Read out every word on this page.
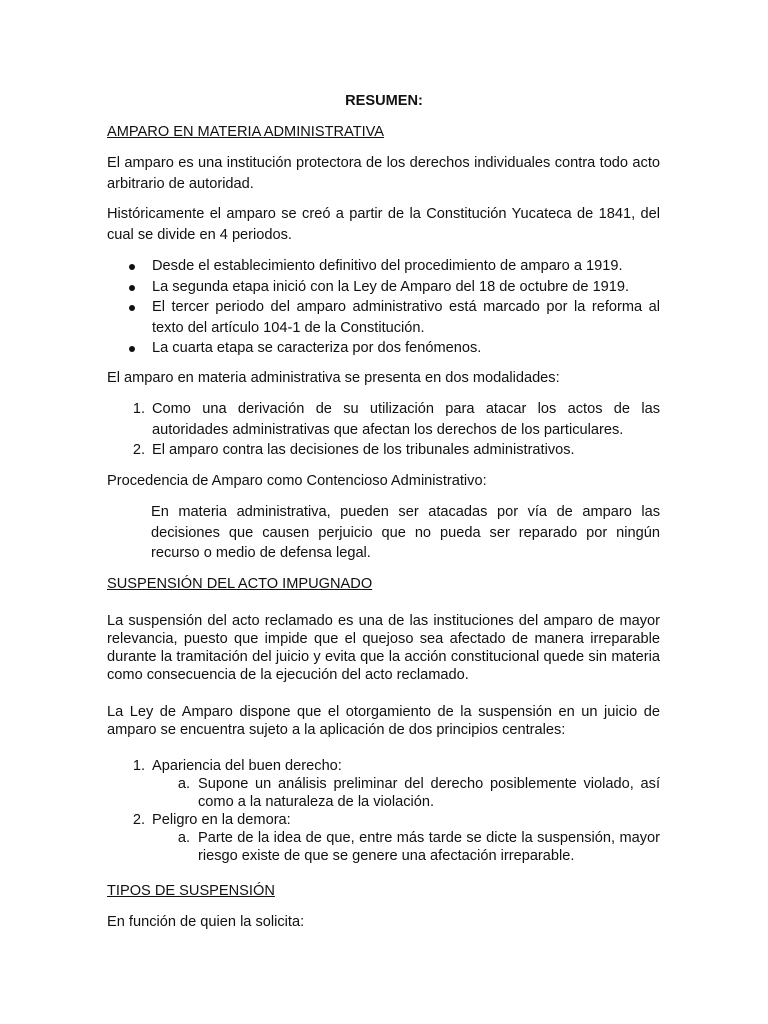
RESUMEN:

AMPARO EN MATERIA ADMINISTRATIVA

El amparo es una institución protectora de los derechos individuales contra todo acto arbitrario de autoridad.

Históricamente el amparo se creó a partir de la Constitución Yucateca de 1841, del cual se divide en 4 periodos.

Desde el establecimiento definitivo del procedimiento de amparo a 1919.
La segunda etapa inició con la Ley de Amparo del 18 de octubre de 1919.
El tercer periodo del amparo administrativo está marcado por la reforma al texto del artículo 104-1 de la Constitución.
La cuarta etapa se caracteriza por dos fenómenos.

El amparo en materia administrativa se presenta en dos modalidades:

1. Como una derivación de su utilización para atacar los actos de las autoridades administrativas que afectan los derechos de los particulares.
2. El amparo contra las decisiones de los tribunales administrativos.

Procedencia de Amparo como Contencioso Administrativo:

En materia administrativa, pueden ser atacadas por vía de amparo las decisiones que causen perjuicio que no pueda ser reparado por ningún recurso o medio de defensa legal.

SUSPENSIÓN DEL ACTO IMPUGNADO

La suspensión del acto reclamado es una de las instituciones del amparo de mayor relevancia, puesto que impide que el quejoso sea afectado de manera irreparable durante la tramitación del juicio y evita que la acción constitucional quede sin materia como consecuencia de la ejecución del acto reclamado.

La Ley de Amparo dispone que el otorgamiento de la suspensión en un juicio de amparo se encuentra sujeto a la aplicación de dos principios centrales:

1. Apariencia del buen derecho:
a. Supone un análisis preliminar del derecho posiblemente violado, así como a la naturaleza de la violación.
2. Peligro en la demora:
a. Parte de la idea de que, entre más tarde se dicte la suspensión, mayor riesgo existe de que se genere una afectación irreparable.

TIPOS DE SUSPENSIÓN

En función de quien la solicita:
